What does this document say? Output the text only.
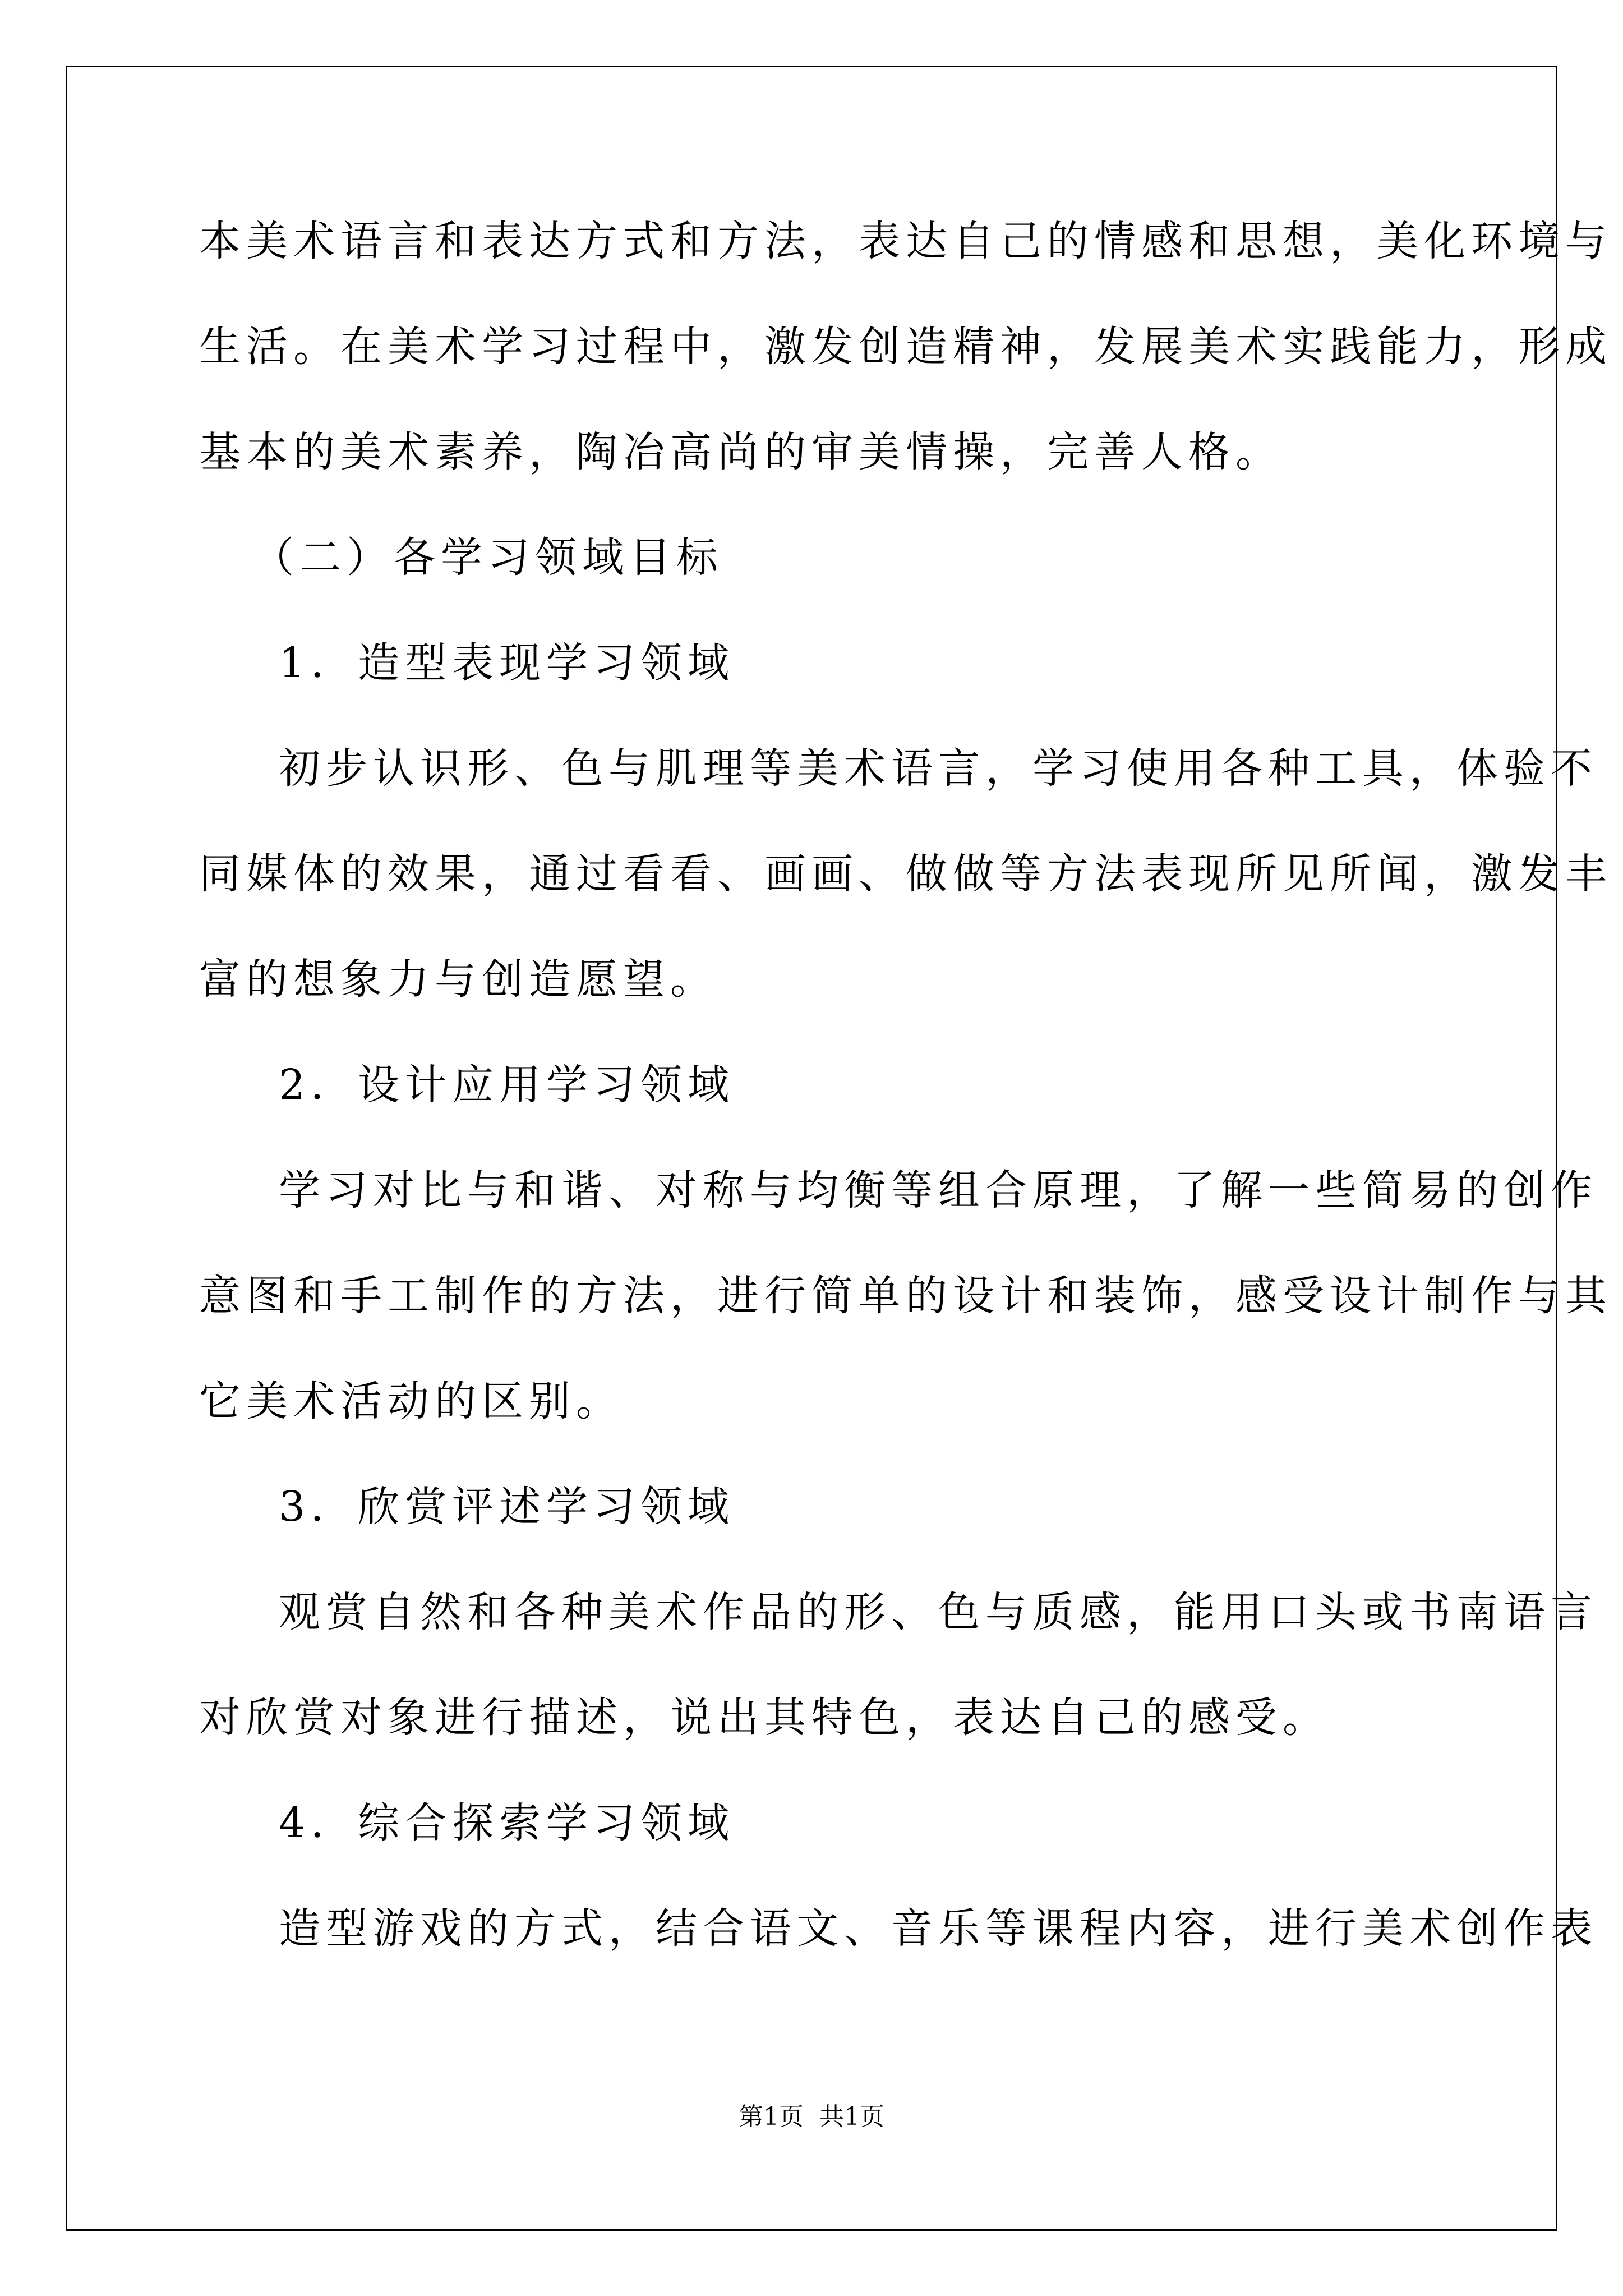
本美术语言和表达方式和方法，表达自己的情感和思想，美化环境与
生活。在美术学习过程中，激发创造精神，发展美术实践能力，形成
基本的美术素养，陶冶高尚的审美情操，完善人格。
（二）各学习领域目标
1．造型表现学习领域
初步认识形、色与肌理等美术语言，学习使用各种工具，体验不
同媒体的效果，通过看看、画画、做做等方法表现所见所闻，激发丰
富的想象力与创造愿望。
2．设计应用学习领域
学习对比与和谐、对称与均衡等组合原理，了解一些简易的创作
意图和手工制作的方法，进行简单的设计和装饰，感受设计制作与其
它美术活动的区别。
3．欣赏评述学习领域
观赏自然和各种美术作品的形、色与质感，能用口头或书南语言
对欣赏对象进行描述，说出其特色，表达自己的感受。
4．综合探索学习领域
造型游戏的方式，结合语文、音乐等课程内容，进行美术创作表
第1页  共1页
